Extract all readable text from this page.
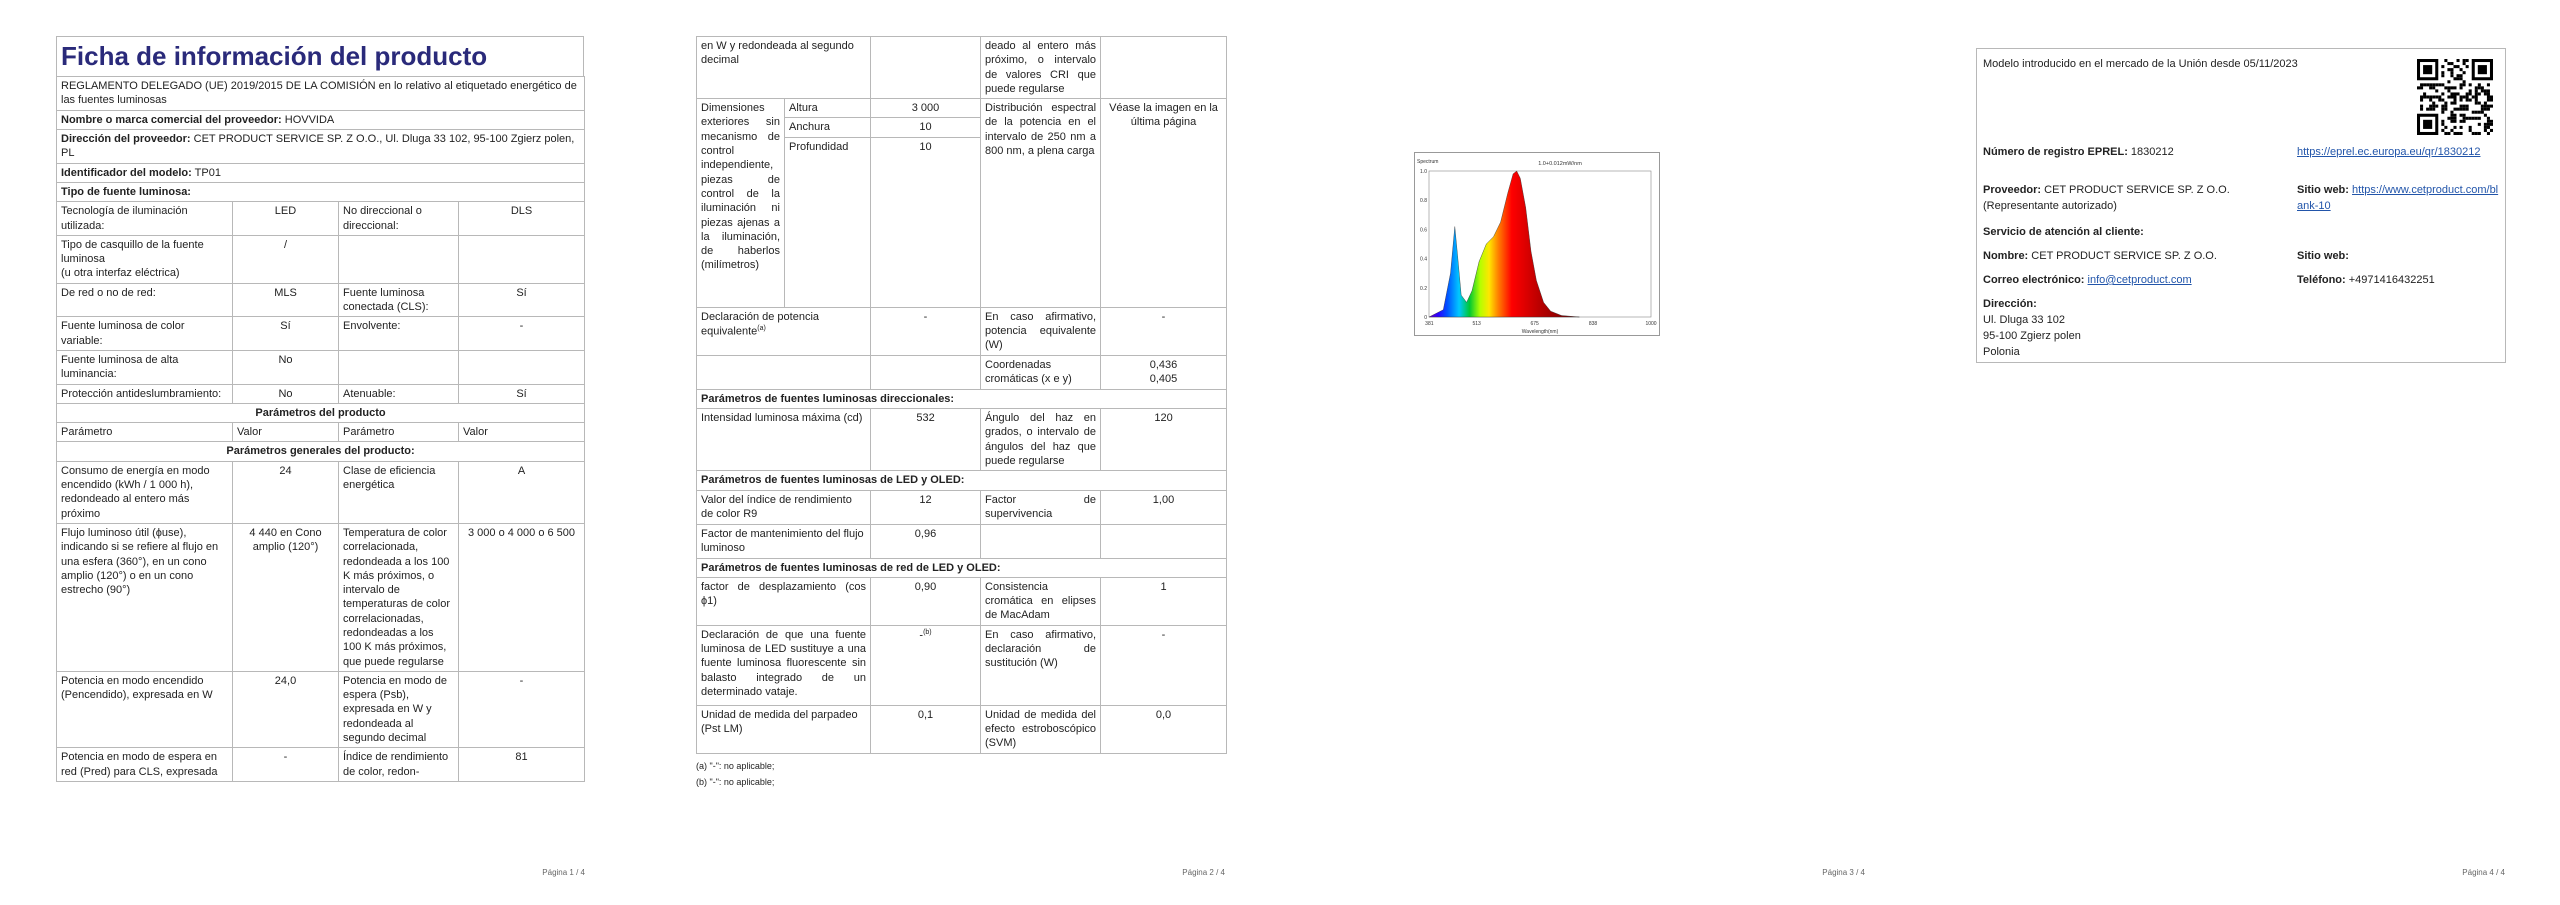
Ficha de información del producto
REGLAMENTO DELEGADO (UE) 2019/2015 DE LA COMISIÓN en lo relativo al etiquetado energético de las fuentes luminosas			
Nombre o marca comercial del proveedor: HOVVIDA			
Dirección del proveedor: CET PRODUCT SERVICE SP. Z O.O., Ul. Dluga 33 102, 95-100 Zgierz polen, PL			
Identificador del modelo: TP01			
Tipo de fuente luminosa:			
Tecnología de iluminación utilizada:	LED	No direccional o direccional:	DLS
Tipo de casquillo de la fuente luminosa
(u otra interfaz eléctrica)	/		
De red o no de red:	MLS	Fuente luminosa conectada (CLS):	Sí
Fuente luminosa de color variable:	Sí	Envolvente:	-
Fuente luminosa de alta luminancia:	No		
Protección antideslumbramiento:	No	Atenuable:	Sí
Parámetros del producto			
Parámetro	Valor	Parámetro	Valor
Parámetros generales del producto:			
Consumo de energía en modo encendido (kWh / 1 000 h), redondeado al entero más próximo	24	Clase de eficiencia energética	A
Flujo luminoso útil (ϕuse), indicando si se refiere al flujo en una esfera (360°), en un cono amplio (120°) o en un cono estrecho (90°)	4 440 en Cono amplio (120°)	Temperatura de color correlacionada, redondeada a los 100 K más próximos, o intervalo de temperaturas de color correlacionadas, redondeadas a los 100 K más próximos, que puede regularse	3 000 o 4 000 o 6 500
Potencia en modo encendido (Pencendido), expresada en W	24,0	Potencia en modo de espera (Psb), expresada en W y redondeada al segundo decimal	-
Potencia en modo de espera en red (Pred) para CLS, expresada	-	Índice de rendimiento de color, redon-	81
Página 1 / 4
en W y redondeada al segundo decimal			deado al entero más próximo, o intervalo de valores CRI que puede regularse	
Dimensiones exteriores sin mecanismo de control independiente, piezas de control de la iluminación ni piezas ajenas a la iluminación, de haberlos (milímetros)	Altura	3 000	Distribución espectral de la potencia en el intervalo de 250 nm a 800 nm, a plena carga	Véase la imagen en la última página
	Anchura	10		
	Profundidad	10		
Declaración de potencia equivalente$^{(a)}$		-	En caso afirmativo, potencia equivalente (W)	-
			Coordenadas cromáticas (x e y)	0,436
0,405
Parámetros de fuentes luminosas direccionales:				
Intensidad luminosa máxima (cd)		532	Ángulo del haz en grados, o intervalo de ángulos del haz que puede regularse	120
Parámetros de fuentes luminosas de LED y OLED:				
Valor del índice de rendimiento de color R9		12	Factor de supervivencia	1,00
Factor de mantenimiento del flujo luminoso		0,96		
Parámetros de fuentes luminosas de red de LED y OLED:				
factor de desplazamiento (cos ϕ1)		0,90	Consistencia cromática en elipses de MacAdam	1
Declaración de que una fuente luminosa de LED sustituye a una fuente luminosa fluorescente sin balasto integrado de un determinado vataje.		-$^{(b)}$	En caso afirmativo, declaración de sustitución (W)	-
Unidad de medida del parpadeo (Pst LM)		0,1	Unidad de medida del efecto estroboscópico (SVM)	0,0
(a) "-": no aplicable;
(b) "-": no aplicable;
Página 2 / 4
0
0.2
0.4
0.6
0.8
1.0
381	513	675	838	1000
1.0+0.012mW/nm
Spectrum
Wavelength(nm)
Página 3 / 4
Modelo introducido en el mercado de la Unión desde 05/11/2023
Número de registro EPREL: 1830212	https://eprel.ec.europa.eu/qr/1830212
Proveedor: CET PRODUCT SERVICE SP. Z O.O. (Representante autorizado)
Sitio web: https://www.cetproduct.com/blank-10
Servicio de atención al cliente:
Nombre: CET PRODUCT SERVICE SP. Z O.O.	Sitio web:
Correo electrónico: info@cetproduct.com	Teléfono: +4971416432251
Dirección:
Ul. Dluga 33 102
95-100 Zgierz polen
Polonia
Página 4 / 4
